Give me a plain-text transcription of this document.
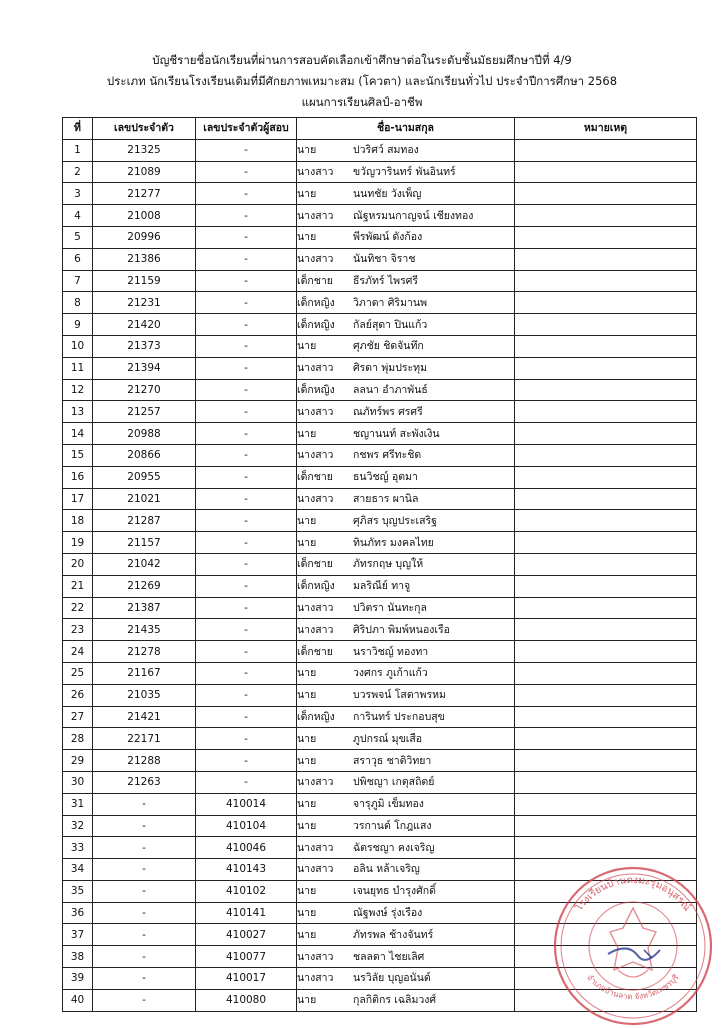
บัญชีรายชื่อนักเรียนที่ผ่านการสอบคัดเลือกเข้าศึกษาต่อในระดับชั้นมัธยมศึกษาปีที่ 4/9
ประเภท นักเรียนโรงเรียนเดิมที่มีศักยภาพเหมาะสม (โควตา) และนักเรียนทั่วไป ประจำปีการศึกษา 2568
แผนการเรียนศิลป์-อาชีพ
ที่	เลขประจำตัว	เลขประจำตัวผู้สอบ	ชื่อ-นามสกุล	หมายเหตุ
1	21325	-	นาย ปวริศว์ สมทอง	
2	21089	-	นางสาว ขวัญวารินทร์ พันอินทร์	
3	21277	-	นาย นนทชัย วังเพ็ญ	
4	21008	-	นางสาว ณัฐหรมนกาญจน์ เชียงทอง	
5	20996	-	นาย พีรพัฒน์ ดังก้อง	
6	21386	-	นางสาว นันทิชา จิราช	
7	21159	-	เด็กชาย ธีรภัทร์ ไพรศรี	
8	21231	-	เด็กหญิง วิภาดา ศิริมานพ	
9	21420	-	เด็กหญิง กัลย์สุดา ปินแก้ว	
10	21373	-	นาย ศุภชัย ชิดจันทึก	
11	21394	-	นางสาว ศิรดา พุ่มประทุม	
12	21270	-	เด็กหญิง ลลนา อำภาพันธ์	
13	21257	-	นางสาว ณภัทร์พร ศรศรี	
14	20988	-	นาย ชญานนท์ สะพังเงิน	
15	20866	-	นางสาว กชพร ศรีทะชิด	
16	20955	-	เด็กชาย ธนวิชญ์ อุตมา	
17	21021	-	นางสาว สายธาร ผานิล	
18	21287	-	นาย ศุภิสร บุญประเสริฐ	
19	21157	-	นาย ทินภัทร มงคลไทย	
20	21042	-	เด็กชาย ภัทรกฤษ บุญให้	
21	21269	-	เด็กหญิง มลริณีย์ ทาจู	
22	21387	-	นางสาว ปวิตรา นันทะกุล	
23	21435	-	นางสาว ศิริปภา พิมพ์หนองเรือ	
24	21278	-	เด็กชาย นราวิชญ์ ทองทา	
25	21167	-	นาย วงศกร ภูเก้าแก้ว	
26	21035	-	นาย บวรพจน์ โสดาพรหม	
27	21421	-	เด็กหญิง การินทร์ ประกอบสุข	
28	22171	-	นาย ภูปกรณ์ มุขเสือ	
29	21288	-	นาย สราวุธ ชาติวิทยา	
30	21263	-	นางสาว ปพิชญา เกตุสถิตย์	
31	-	410014	นาย จารุภูมิ เข็มทอง	
32	-	410104	นาย วรกานต์ โกฎแสง	
33	-	410046	นางสาว ฉัตรชญา คงเจริญ	
34	-	410143	นางสาว อลิน หล้าเจริญ	
35	-	410102	นาย เจนยุทธ บำรุงศักดิ์	
36	-	410141	นาย ณัฐพงษ์ รุ่งเรือง	
37	-	410027	นาย ภัทรพล ช้างจันทร์	
38	-	410077	นางสาว ชลลดา ไชยเลิศ	
39	-	410017	นางสาว นรวิลัย บุญอนันต์	
40	-	410080	นาย กุลกิติกร เฉลิมวงศ์	
โรงเรียนบ้านดงมะรุมอนุสรณ์
อำเภอบ้านลาด จังหวัดเพชรบุรี
